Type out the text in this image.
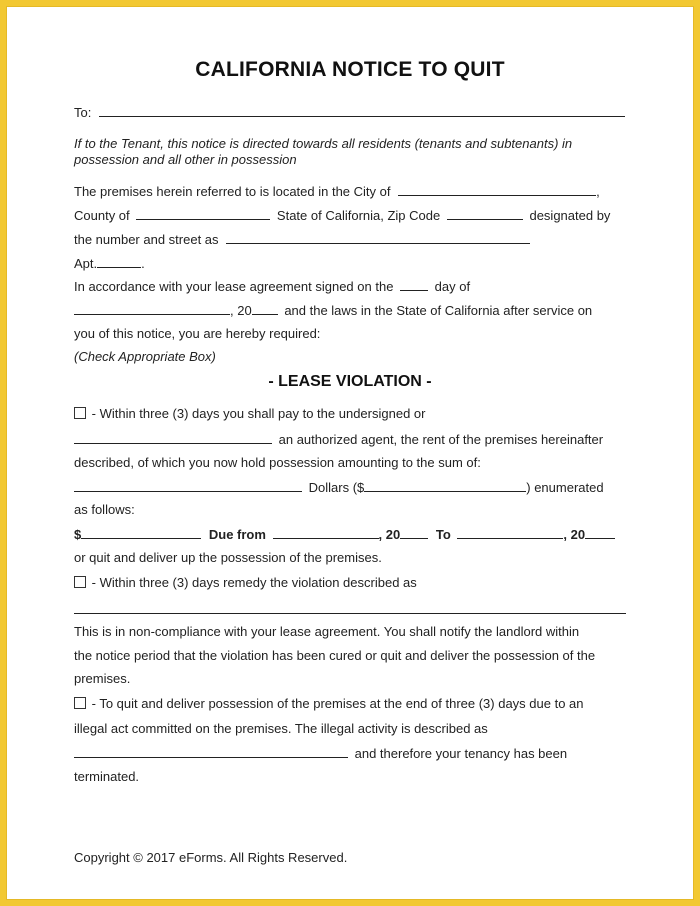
CALIFORNIA NOTICE TO QUIT
To:
If to the Tenant, this notice is directed towards all residents (tenants and subtenants) in
possession and all other in possession
The premises herein referred to is located in the City of	,
County of	State of California, Zip Code	designated by
the number and street as
Apt.	.
In accordance with your lease agreement signed on the	day of
, 20	and the laws in the State of California after service on
you of this notice, you are hereby required:
(Check Appropriate Box)
- LEASE VIOLATION -
- Within three (3) days you shall pay to the undersigned or
an authorized agent, the rent of the premises hereinafter
described, of which you now hold possession amounting to the sum of:
Dollars ($	) enumerated
as follows:
$	Due from	, 20	To	, 20
or quit and deliver up the possession of the premises.
- Within three (3) days remedy the violation described as
This is in non-compliance with your lease agreement. You shall notify the landlord within
the notice period that the violation has been cured or quit and deliver the possession of the
premises.
- To quit and deliver possession of the premises at the end of three (3) days due to an
illegal act committed on the premises. The illegal activity is described as
and therefore your tenancy has been
terminated.
Copyright © 2017 eForms. All Rights Reserved.
